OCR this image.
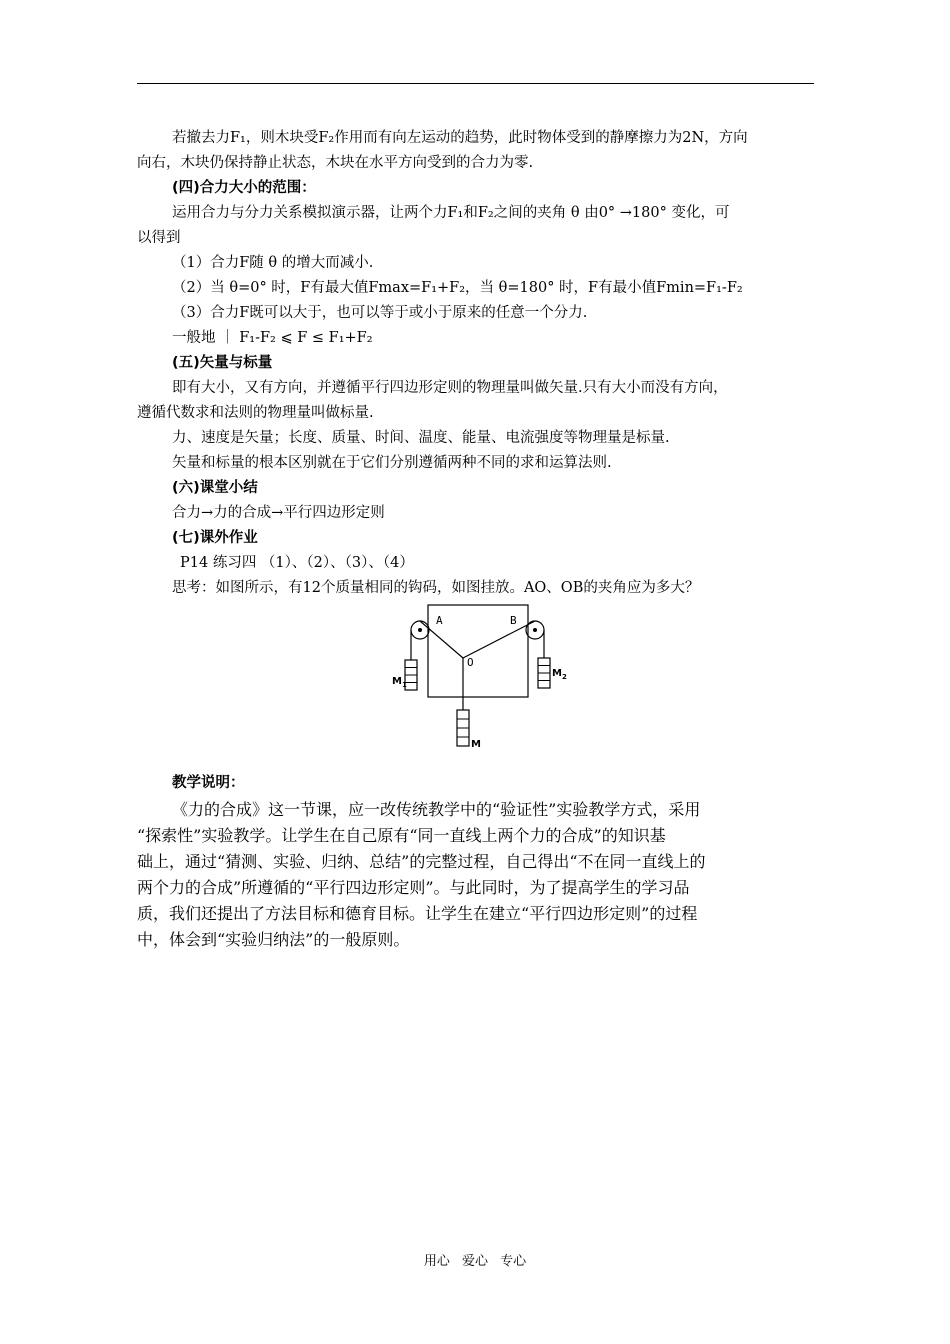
若撤去力F₁，则木块受F₂作用而有向左运动的趋势，此时物体受到的静摩擦力为2N，方向
向右，木块仍保持静止状态，木块在水平方向受到的合力为零.
(四)合力大小的范围：
运用合力与分力关系模拟演示器，让两个力F₁和F₂之间的夹角 θ 由0° →180° 变化，可
以得到
（1）合力F随 θ 的增大而减小.
（2）当 θ=0° 时，F有最大值Fmax=F₁+F₂，当 θ=180° 时，F有最小值Fmin=F₁-F₂
（3）合力F既可以大于，也可以等于或小于原来的任意一个分力.
一般地 ｜ F₁-F₂ ⩽ F ≤ F₁+F₂
(五)矢量与标量
即有大小，又有方向，并遵循平行四边形定则的物理量叫做矢量.只有大小而没有方向，
遵循代数求和法则的物理量叫做标量.
力、速度是矢量；长度、质量、时间、温度、能量、电流强度等物理量是标量.
矢量和标量的根本区别就在于它们分别遵循两种不同的求和运算法则.
(六)课堂小结
合力→力的合成→平行四边形定则
(七)课外作业
P14 练习四 （1）、（2）、（3）、（4）
思考：如图所示，有12个质量相同的钩码，如图挂放。AO、OB的夹角应为多大？
A	B
O
$M_1$
$M_2$
M
教学说明：
《力的合成》这一节课，应一改传统教学中的“验证性”实验教学方式，采用
“探索性”实验教学。让学生在自己原有“同一直线上两个力的合成”的知识基
础上，通过“猜测、实验、归纳、总结”的完整过程，自己得出“不在同一直线上的
两个力的合成”所遵循的“平行四边形定则”。与此同时，为了提高学生的学习品
质，我们还提出了方法目标和德育目标。让学生在建立“平行四边形定则”的过程
中，体会到“实验归纳法”的一般原则。
用心 爱心 专心
